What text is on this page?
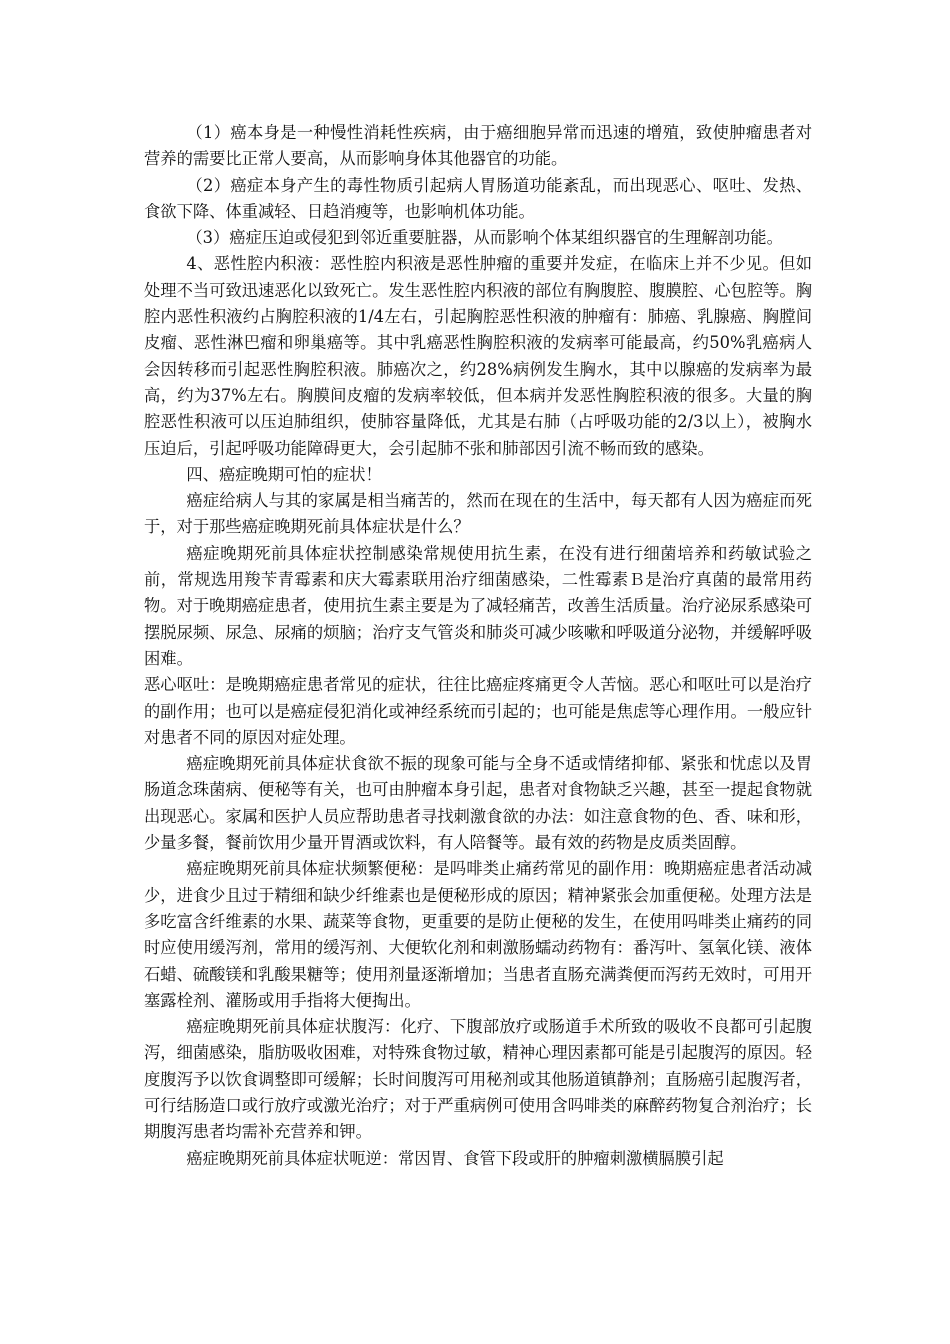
（1）癌本身是一种慢性消耗性疾病，由于癌细胞异常而迅速的增殖，致使肿瘤患者对营养的需要比正常人要高，从而影响身体其他器官的功能。

（2）癌症本身产生的毒性物质引起病人胃肠道功能紊乱，而出现恶心、呕吐、发热、食欲下降、体重减轻、日趋消瘦等，也影响机体功能。

（3）癌症压迫或侵犯到邻近重要脏器，从而影响个体某组织器官的生理解剖功能。

4、恶性腔内积液：恶性腔内积液是恶性肿瘤的重要并发症，在临床上并不少见。但如处理不当可致迅速恶化以致死亡。发生恶性腔内积液的部位有胸腹腔、腹膜腔、心包腔等。胸腔内恶性积液约占胸腔积液的1/4左右，引起胸腔恶性积液的肿瘤有：肺癌、乳腺癌、胸膛间皮瘤、恶性淋巴瘤和卵巢癌等。其中乳癌恶性胸腔积液的发病率可能最高，约50%乳癌病人会因转移而引起恶性胸腔积液。肺癌次之，约28%病例发生胸水，其中以腺癌的发病率为最高，约为37%左右。胸膜间皮瘤的发病率较低，但本病并发恶性胸腔积液的很多。大量的胸腔恶性积液可以压迫肺组织，使肺容量降低，尤其是右肺（占呼吸功能的2/3以上），被胸水压迫后，引起呼吸功能障碍更大，会引起肺不张和肺部因引流不畅而致的感染。

四、癌症晚期可怕的症状！

癌症给病人与其的家属是相当痛苦的，然而在现在的生活中，每天都有人因为癌症而死于，对于那些癌症晚期死前具体症状是什么？

癌症晚期死前具体症状控制感染常规使用抗生素，在没有进行细菌培养和药敏试验之前，常规选用羧苄青霉素和庆大霉素联用治疗细菌感染，二性霉素Ｂ是治疗真菌的最常用药物。对于晚期癌症患者，使用抗生素主要是为了减轻痛苦，改善生活质量。治疗泌尿系感染可摆脱尿频、尿急、尿痛的烦脑；治疗支气管炎和肺炎可减少咳嗽和呼吸道分泌物，并缓解呼吸困难。

恶心呕吐：是晚期癌症患者常见的症状，往往比癌症疼痛更令人苦恼。恶心和呕吐可以是治疗的副作用；也可以是癌症侵犯消化或神经系统而引起的；也可能是焦虑等心理作用。一般应针对患者不同的原因对症处理。

癌症晚期死前具体症状食欲不振的现象可能与全身不适或情绪抑郁、紧张和忧虑以及胃肠道念珠菌病、便秘等有关，也可由肿瘤本身引起，患者对食物缺乏兴趣，甚至一提起食物就出现恶心。家属和医护人员应帮助患者寻找刺激食欲的办法：如注意食物的色、香、味和形，少量多餐，餐前饮用少量开胃酒或饮料，有人陪餐等。最有效的药物是皮质类固醇。

癌症晚期死前具体症状频繁便秘：是吗啡类止痛药常见的副作用：晚期癌症患者活动减少，进食少且过于精细和缺少纤维素也是便秘形成的原因；精神紧张会加重便秘。处理方法是多吃富含纤维素的水果、蔬菜等食物，更重要的是防止便秘的发生，在使用吗啡类止痛药的同时应使用缓泻剂，常用的缓泻剂、大便软化剂和刺激肠蠕动药物有：番泻叶、氢氧化镁、液体石蜡、硫酸镁和乳酸果糖等；使用剂量逐渐增加；当患者直肠充满粪便而泻药无效时，可用开塞露栓剂、灌肠或用手指将大便掏出。

癌症晚期死前具体症状腹泻：化疗、下腹部放疗或肠道手术所致的吸收不良都可引起腹泻，细菌感染，脂肪吸收困难，对特殊食物过敏，精神心理因素都可能是引起腹泻的原因。轻度腹泻予以饮食调整即可缓解；长时间腹泻可用秘剂或其他肠道镇静剂；直肠癌引起腹泻者，可行结肠造口或行放疗或激光治疗；对于严重病例可使用含吗啡类的麻醉药物复合剂治疗；长期腹泻患者均需补充营养和钾。

癌症晚期死前具体症状呃逆：常因胃、食管下段或肝的肿瘤刺激横膈膜引起
